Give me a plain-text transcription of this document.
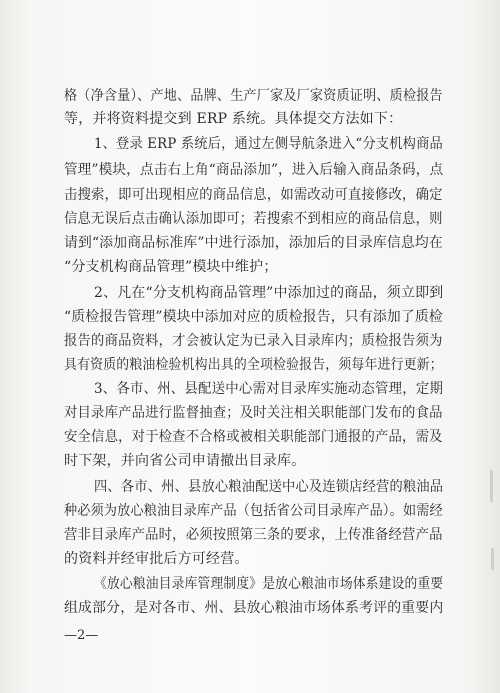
格（净含量）、产地、品牌、生产厂家及厂家资质证明、质检报告
等，并将资料提交到 ERP 系统。具体提交方法如下：
1、登录 ERP 系统后，通过左侧导航条进入“分支机构商品
管理”模块，点击右上角“商品添加”，进入后输入商品条码，点
击搜索，即可出现相应的商品信息，如需改动可直接修改，确定
信息无误后点击确认添加即可；若搜索不到相应的商品信息，则
请到“添加商品标准库”中进行添加，添加后的目录库信息均在
“分支机构商品管理”模块中维护；
2、凡在“分支机构商品管理”中添加过的商品，须立即到
“质检报告管理”模块中添加对应的质检报告，只有添加了质检
报告的商品资料，才会被认定为已录入目录库内；质检报告须为
具有资质的粮油检验机构出具的全项检验报告，须每年进行更新；
3、各市、州、县配送中心需对目录库实施动态管理，定期
对目录库产品进行监督抽查；及时关注相关职能部门发布的食品
安全信息，对于检查不合格或被相关职能部门通报的产品，需及
时下架，并向省公司申请撤出目录库。
四、各市、州、县放心粮油配送中心及连锁店经营的粮油品
种必须为放心粮油目录库产品（包括省公司目录库产品）。如需经
营非目录库产品时，必须按照第三条的要求，上传准备经营产品
的资料并经审批后方可经营。
《放心粮油目录库管理制度》是放心粮油市场体系建设的重要
组成部分，是对各市、州、县放心粮油市场体系考评的重要内
—2—
